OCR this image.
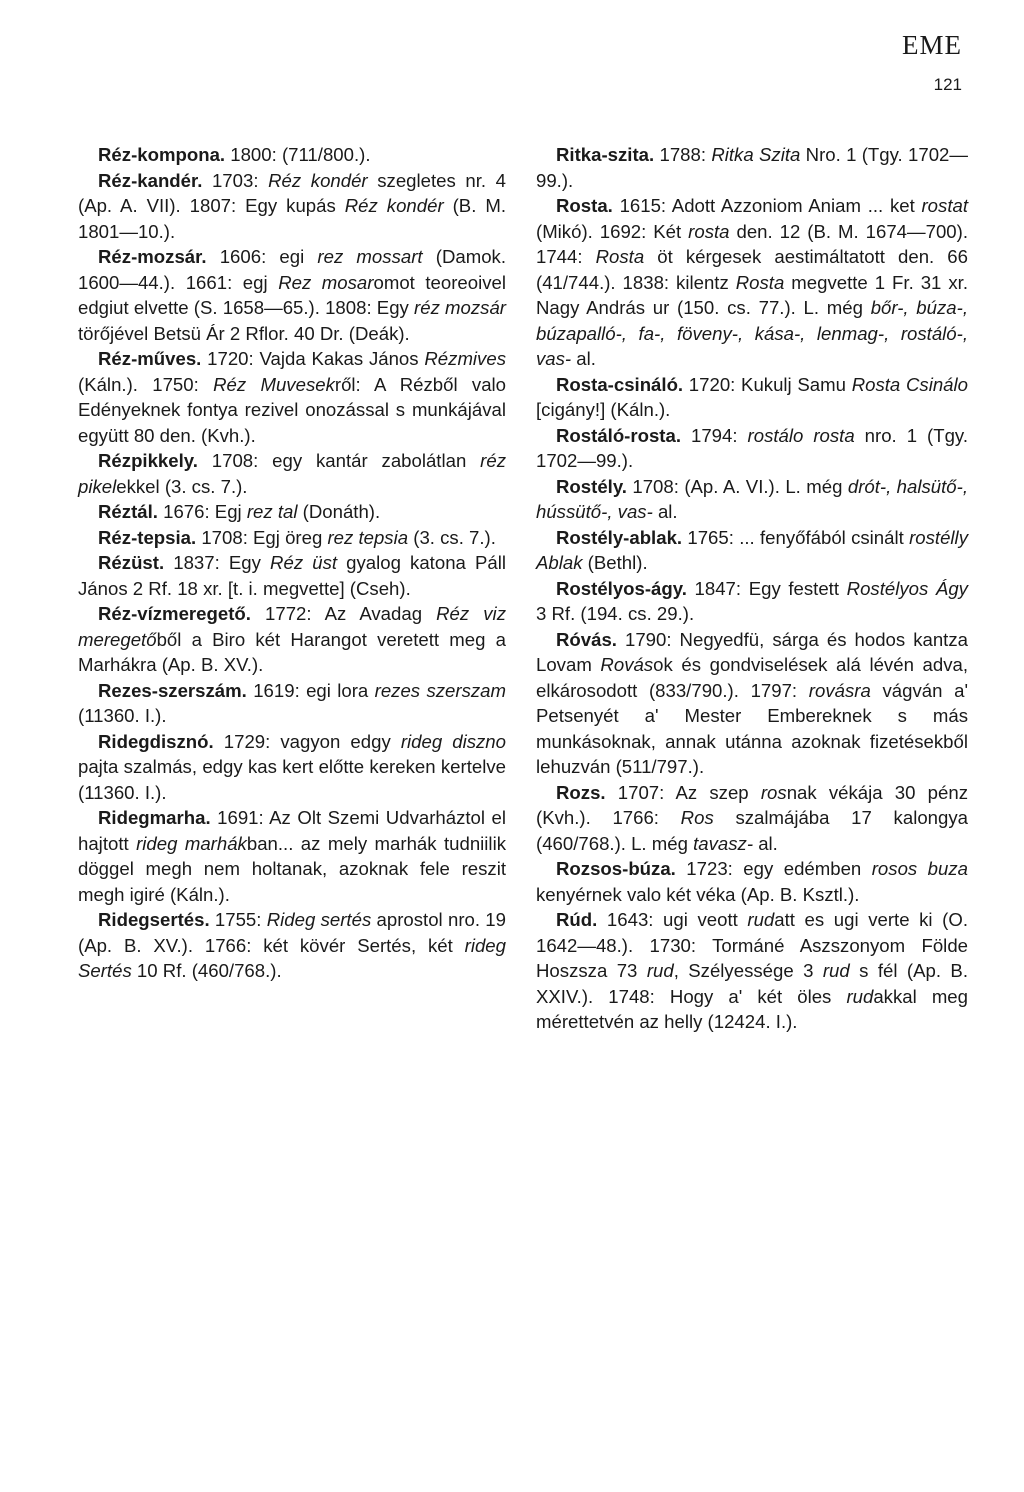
EME
121

Réz-kompona. 1800: (711/800.).

Réz-kandér. 1703: Réz kondér szegletes nr. 4 (Ap. A. VII). 1807: Egy kupás Réz kondér (B. M. 1801—10.).

Réz-mozsár. 1606: egi rez mossart (Damok. 1600—44.). 1661: egj Rez mosaromot teoreoivel edgiut elvette (S. 1658—65.). 1808: Egy réz mozsár törőjével Betsü Ár 2 Rflor. 40 Dr. (Deák).

Réz-műves. 1720: Vajda Kakas János Rézmives (Káln.). 1750: Réz Muvesekről: A Rézből valo Edényeknek fontya rezivel onozással s munkájával együtt 80 den. (Kvh.).

Rézpikkely. 1708: egy kantár zabolátlan réz pikelekkel (3. cs. 7.).

Réztál. 1676: Egj rez tal (Donáth).

Réz-tepsia. 1708: Egj öreg rez tepsia (3. cs. 7.).

Rézüst. 1837: Egy Réz üst gyalog katona Páll János 2 Rf. 18 xr. [t. i. megvette] (Cseh).

Réz-vízmeregető. 1772: Az Avadag Réz viz meregetőből a Biro két Harangot veretett meg a Marhákra (Ap. B. XV.).

Rezes-szerszám. 1619: egi lora rezes szerszam (11360. I.).

Ridegdisznó. 1729: vagyon edgy rideg diszno pajta szalmás, edgy kas kert előtte kereken kertelve (11360. I.).

Ridegmarha. 1691: Az Olt Szemi Udvarháztol el hajtott rideg marhákban... az mely marhák tudniilik döggel megh nem holtanak, azoknak fele reszit megh igiré (Káln.).

Ridegsertés. 1755: Rideg sertés aprostol nro. 19 (Ap. B. XV.). 1766: két kövér Sertés, két rideg Sertés 10 Rf. (460/768.).

Ritka-szita. 1788: Ritka Szita Nro. 1 (Tgy. 1702—99.).

Rosta. 1615: Adott Azzoniom Aniam ... ket rostat (Mikó). 1692: Két rosta den. 12 (B. M. 1674—700). 1744: Rosta öt kérgesek aestimáltatott den. 66 (41/744.). 1838: kilentz Rosta megvette 1 Fr. 31 xr. Nagy András ur (150. cs. 77.). L. még bőr-, búza-, búzapalló-, fa-, föveny-, kása-, lenmag-, rostáló-, vas- al.

Rosta-csináló. 1720: Kukulj Samu Rosta Csinálo [cigány!] (Káln.).

Rostáló-rosta. 1794: rostálo rosta nro. 1 (Tgy. 1702—99.).

Rostély. 1708: (Ap. A. VI.). L. még drót-, halsütő-, hússütő-, vas- al.

Rostély-ablak. 1765: ... fenyőfából csinált rostélly Ablak (Bethl).

Rostélyos-ágy. 1847: Egy festett Rostélyos Ágy 3 Rf. (194. cs. 29.).

Róvás. 1790: Negyedfü, sárga és hodos kantza Lovam Rovások és gondviselések alá lévén adva, elkárosodott (833/790.). 1797: rovásra vágván a' Petsenyét a' Mester Embereknek s más munkásoknak, annak utánna azoknak fizetésekből lehuzván (511/797.).

Rozs. 1707: Az szep rosnak vékája 30 pénz (Kvh.). 1766: Ros szalmájába 17 kalongya (460/768.). L. még tavasz- al.

Rozsos-búza. 1723: egy edémben rosos buza kenyérnek valo két véka (Ap. B. Ksztl.).

Rúd. 1643: ugi veott rudatt es ugi verte ki (O. 1642—48.). 1730: Tormáné Aszszonyom Földe Hoszsza 73 rud, Szélyessége 3 rud s fél (Ap. B. XXIV.). 1748: Hogy a' két öles rudakkal meg mérettetvén az helly (12424. I.).
